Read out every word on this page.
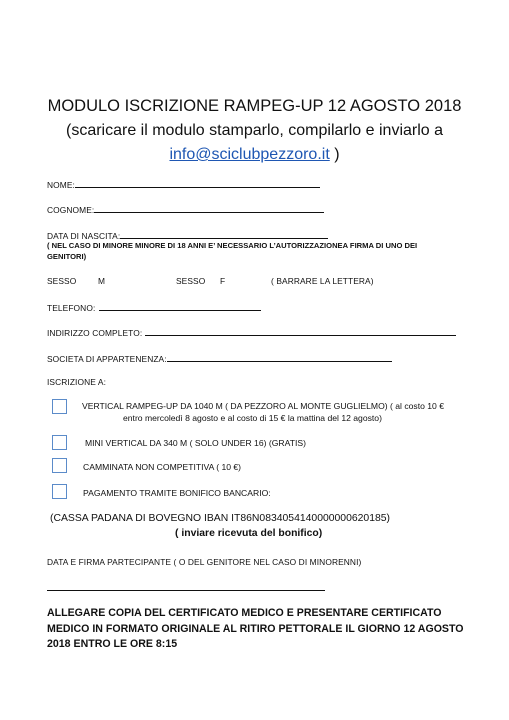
MODULO ISCRIZIONE RAMPEG-UP 12 AGOSTO 2018
(scaricare il modulo stamparlo, compilarlo e inviarlo a
info@sciclubpezzoro.it )
NOME:
COGNOME:
DATA DI NASCITA:
( NEL CASO DI MINORE MINORE DI 18 ANNI E’ NECESSARIO L’AUTORIZZAZIONEA FIRMA DI UNO DEI
GENITORI)
SESSO	M	SESSO F	( BARRARE LA LETTERA)
TELEFONO:
INDIRIZZO COMPLETO:
SOCIETA DI APPARTENENZA:
ISCRIZIONE A:
VERTICAL RAMPEG-UP DA 1040 M ( DA PEZZORO AL MONTE GUGLIELMO) ( al costo 10 €
entro mercoledì 8 agosto e al costo di 15 € la mattina del 12 agosto)
MINI VERTICAL DA 340 M ( SOLO UNDER 16) (GRATIS)
CAMMINATA NON COMPETITIVA ( 10 €)
PAGAMENTO TRAMITE BONIFICO BANCARIO:
(CASSA PADANA DI BOVEGNO IBAN IT86N0834054140000000620185)
( inviare ricevuta del bonifico)
DATA E FIRMA PARTECIPANTE ( O DEL GENITORE NEL CASO DI MINORENNI)
ALLEGARE COPIA DEL CERTIFICATO MEDICO E PRESENTARE CERTIFICATO MEDICO IN FORMATO ORIGINALE AL RITIRO PETTORALE IL GIORNO 12 AGOSTO 2018 ENTRO LE ORE 8:15
